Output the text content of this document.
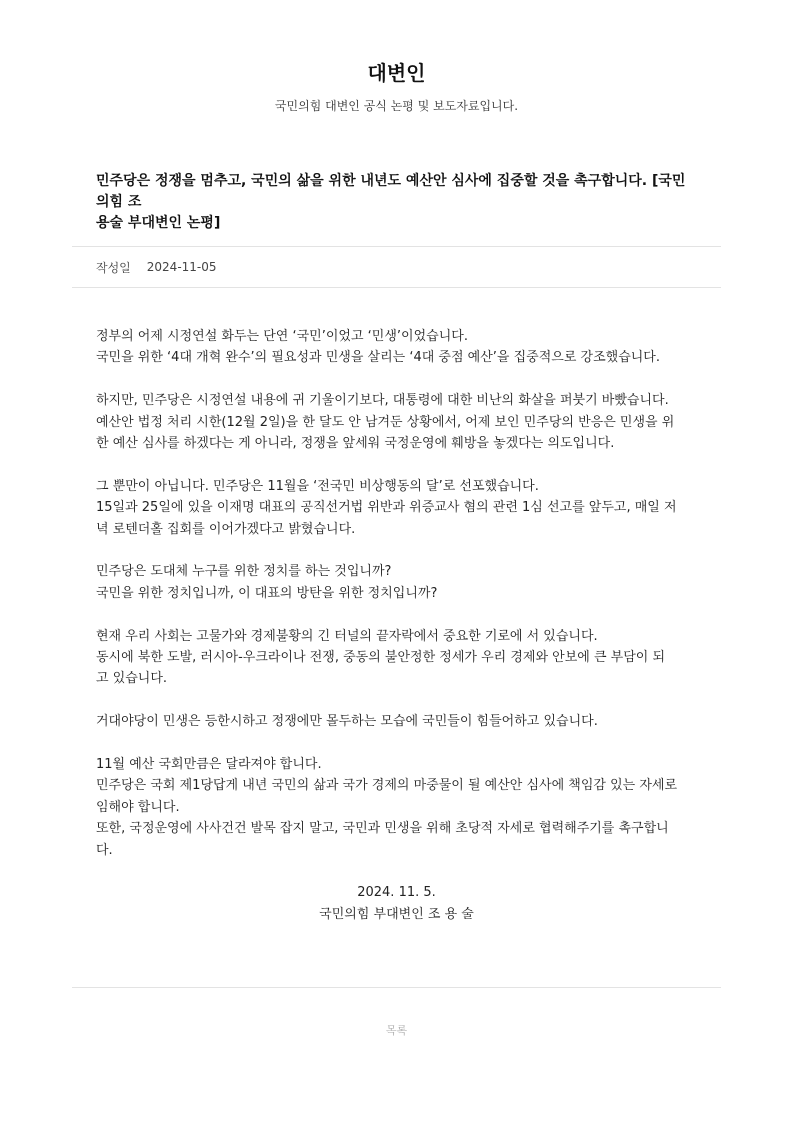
대변인
국민의힘 대변인 공식 논평 및 보도자료입니다.
민주당은 정쟁을 멈추고, 국민의 삶을 위한 내년도 예산안 심사에 집중할 것을 촉구합니다. [국민의힘 조
용술 부대변인 논평]
작성일 2024-11-05
정부의 어제 시정연설 화두는 단연 ‘국민’이었고 ‘민생’이었습니다.
국민을 위한 ‘4대 개혁 완수’의 필요성과 민생을 살리는 ‘4대 중점 예산’을 집중적으로 강조했습니다.
하지만, 민주당은 시정연설 내용에 귀 기울이기보다, 대통령에 대한 비난의 화살을 퍼붓기 바빴습니다.
예산안 법정 처리 시한(12월 2일)을 한 달도 안 남겨둔 상황에서, 어제 보인 민주당의 반응은 민생을 위
한 예산 심사를 하겠다는 게 아니라, 정쟁을 앞세워 국정운영에 훼방을 놓겠다는 의도입니다.
그 뿐만이 아닙니다. 민주당은 11월을 ‘전국민 비상행동의 달’로 선포했습니다.
15일과 25일에 있을 이재명 대표의 공직선거법 위반과 위증교사 혐의 관련 1심 선고를 앞두고, 매일 저
녁 로텐더홀 집회를 이어가겠다고 밝혔습니다.
민주당은 도대체 누구를 위한 정치를 하는 것입니까?
국민을 위한 정치입니까, 이 대표의 방탄을 위한 정치입니까?
현재 우리 사회는 고물가와 경제불황의 긴 터널의 끝자락에서 중요한 기로에 서 있습니다.
동시에 북한 도발, 러시아-우크라이나 전쟁, 중동의 불안정한 정세가 우리 경제와 안보에 큰 부담이 되
고 있습니다.
거대야당이 민생은 등한시하고 정쟁에만 몰두하는 모습에 국민들이 힘들어하고 있습니다.
11월 예산 국회만큼은 달라져야 합니다.
민주당은 국회 제1당답게 내년 국민의 삶과 국가 경제의 마중물이 될 예산안 심사에 책임감 있는 자세로
임해야 합니다.
또한, 국정운영에 사사건건 발목 잡지 말고, 국민과 민생을 위해 초당적 자세로 협력해주기를 촉구합니
다.
2024. 11. 5.
국민의힘 부대변인 조 용 술
목록
